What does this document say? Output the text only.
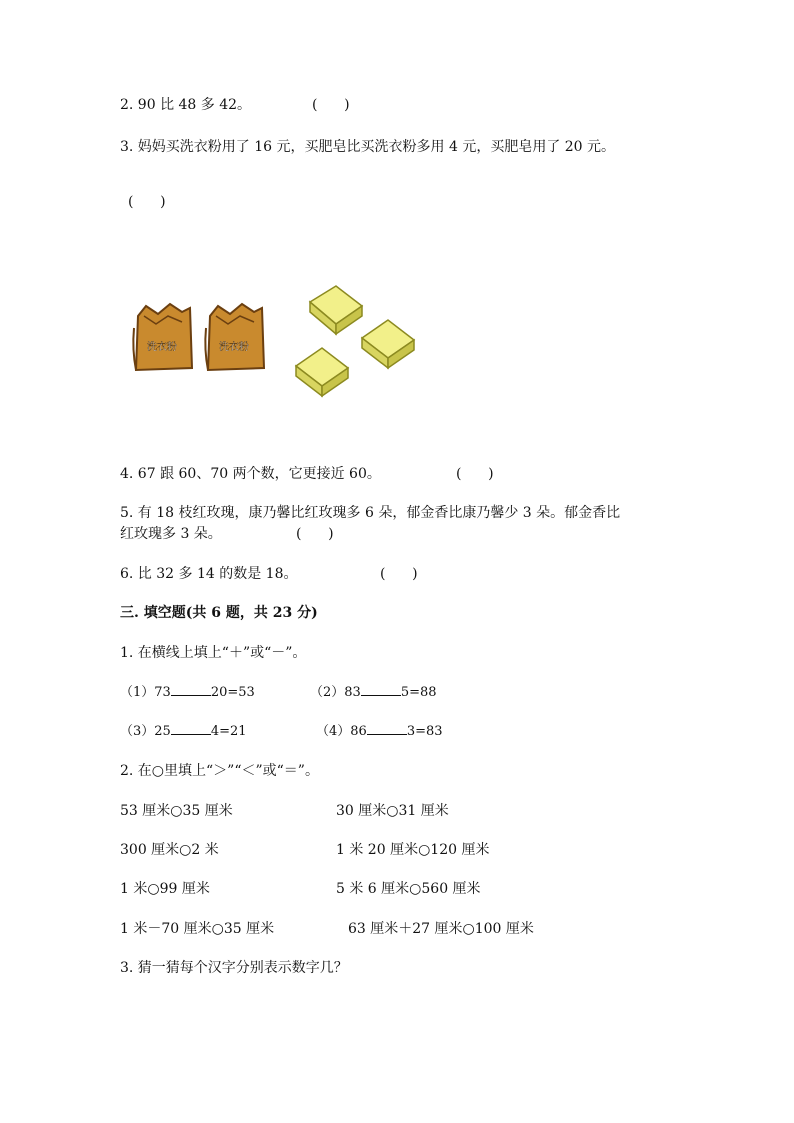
2. 90 比 48 多 42。	(      )
3. 妈妈买洗衣粉用了 16 元，买肥皂比买洗衣粉多用 4 元，买肥皂用了 20 元。
(      )
洗衣粉	洗衣粉
4. 67 跟 60、70 两个数，它更接近 60。	(      )
5. 有 18 枝红玫瑰，康乃馨比红玫瑰多 6 朵，郁金香比康乃馨少 3 朵。郁金香比
红玫瑰多 3 朵。	(      )
6. 比 32 多 14 的数是 18。	(      )
三. 填空题(共 6 题，共 23 分)
1. 在横线上填上“＋”或“－”。
（1）73	20=53	（2）83	5=88
（3）25	4=21	（4）86	3=83
2. 在○里填上“＞”“＜”或“＝”。
53 厘米○35 厘米	30 厘米○31 厘米
300 厘米○2 米	1 米 20 厘米○120 厘米
1 米○99 厘米	5 米 6 厘米○560 厘米
1 米－70 厘米○35 厘米	63 厘米＋27 厘米○100 厘米
3. 猜一猜每个汉字分别表示数字几？
